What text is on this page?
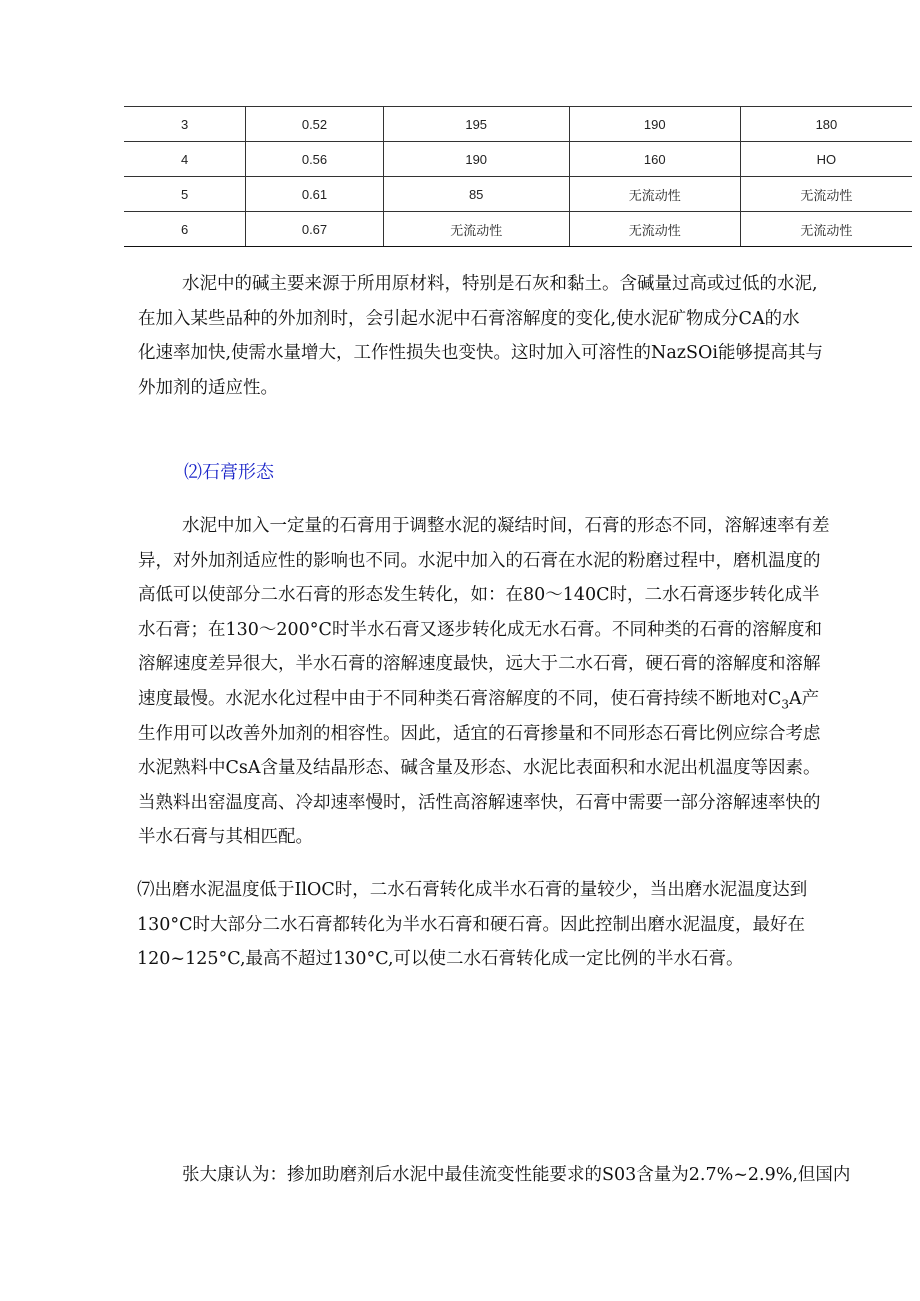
3	0.52	195	190	180
4	0.56	190	160	HO
5	0.61	85	无流动性	无流动性
6	0.67	无流动性	无流动性	无流动性
水泥中的碱主要来源于所用原材料，特别是石灰和黏土。含碱量过高或过低的水泥,
在加入某些品种的外加剂时，会引起水泥中石膏溶解度的变化,使水泥矿物成分CA的水
化速率加快,使需水量增大，工作性损失也变快。这时加入可溶性的NazSOi能够提高其与
外加剂的适应性。
⑵石膏形态
水泥中加入一定量的石膏用于调整水泥的凝结时间，石膏的形态不同，溶解速率有差
异，对外加剂适应性的影响也不同。水泥中加入的石膏在水泥的粉磨过程中，磨机温度的
高低可以使部分二水石膏的形态发生转化，如：在80～140C时，二水石膏逐步转化成半
水石膏；在130～200°C时半水石膏又逐步转化成无水石膏。不同种类的石膏的溶解度和
溶解速度差异很大，半水石膏的溶解速度最快，远大于二水石膏，硬石膏的溶解度和溶解
速度最慢。水泥水化过程中由于不同种类石膏溶解度的不同，使石膏持续不断地对$C_3A$产
生作用可以改善外加剂的相容性。因此，适宜的石膏掺量和不同形态石膏比例应综合考虑
水泥熟料中CsA含量及结晶形态、碱含量及形态、水泥比表面积和水泥出机温度等因素。
当熟料出窑温度高、冷却速率慢时，活性高溶解速率快，石膏中需要一部分溶解速率快的
半水石膏与其相匹配。
⑺出磨水泥温度低于IlOC时，二水石膏转化成半水石膏的量较少，当出磨水泥温度达到
130°C时大部分二水石膏都转化为半水石膏和硬石膏。因此控制出磨水泥温度，最好在
120~125°C,最高不超过130°C,可以使二水石膏转化成一定比例的半水石膏。
张大康认为：掺加助磨剂后水泥中最佳流变性能要求的S03含量为2.7%~2.9%,但国内
